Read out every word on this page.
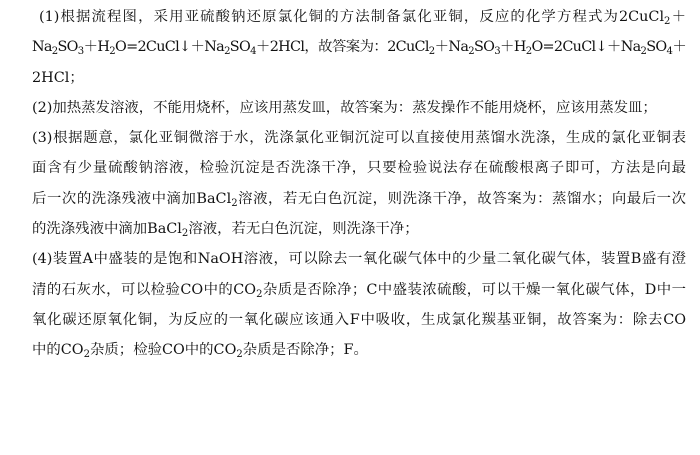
(1)根据流程图，采用亚硫酸钠还原氯化铜的方法制备氯化亚铜，反应的化学方程式为2CuCl$_2$＋
$Na_2SO_3+H_2O=2CuCl↓+Na_2SO_4+2HCl$，故答案为：$2CuCl_2+Na_2SO_3+H_2O=2CuCl↓+Na_2SO_4+$
2HCl；
(2)加热蒸发溶液，不能用烧杯，应该用蒸发皿，故答案为：蒸发操作不能用烧杯，应该用蒸发皿；
(3)根据题意，氯化亚铜微溶于水，洗涤氯化亚铜沉淀可以直接使用蒸馏水洗涤，生成的氯化亚铜表
面含有少量硫酸钠溶液，检验沉淀是否洗涤干净，只要检验说法存在硫酸根离子即可，方法是向最
后一次的洗涤残液中滴加BaCl$_2$溶液，若无白色沉淀，则洗涤干净，故答案为：蒸馏水；向最后一次
的洗涤残液中滴加BaCl$_2$溶液，若无白色沉淀，则洗涤干净；
(4)装置A中盛装的是饱和NaOH溶液，可以除去一氧化碳气体中的少量二氧化碳气体，装置B盛有澄
清的石灰水，可以检验CO中的$CO_2$杂质是否除净；C中盛装浓硫酸，可以干燥一氧化碳气体，D中一
氧化碳还原氧化铜，为反应的一氧化碳应该通入F中吸收，生成氯化羰基亚铜，故答案为：除去CO
中的$CO_2$杂质；检验CO中的$CO_2$杂质是否除净；F。
